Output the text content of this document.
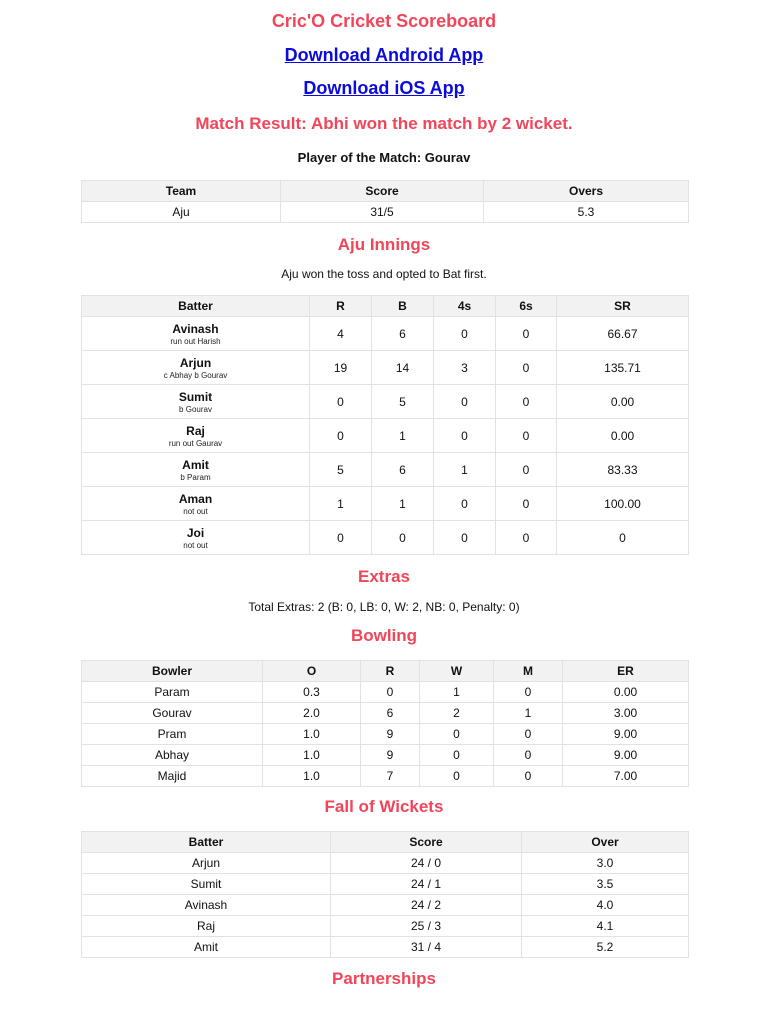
Cric'O Cricket Scoreboard
Download Android App
Download iOS App
Match Result: Abhi won the match by 2 wicket.
Player of the Match: Gourav
Team	Score	Overs
Aju	31/5	5.3
Aju Innings
Aju won the toss and opted to Bat first.
Batter	R	B	4s	6s	SR

Avinash
run out Harish	4	6	0	0	66.67

Arjun
c Abhay b Gourav	19	14	3	0	135.71

Sumit
b Gourav	0	5	0	0	0.00

Raj
run out Gaurav	0	1	0	0	0.00

Amit
b Param	5	6	1	0	83.33

Aman
not out	1	1	0	0	100.00

Joi
not out	0	0	0	0	0
Extras
Total Extras: 2 (B: 0, LB: 0, W: 2, NB: 0, Penalty: 0)
Bowling
Bowler	O	R	W	M	ER
Param	0.3	0	1	0	0.00
Gourav	2.0	6	2	1	3.00
Pram	1.0	9	0	0	9.00
Abhay	1.0	9	0	0	9.00
Majid	1.0	7	0	0	7.00
Fall of Wickets
Batter	Score	Over
Arjun	24 / 0	3.0
Sumit	24 / 1	3.5
Avinash	24 / 2	4.0
Raj	25 / 3	4.1
Amit	31 / 4	5.2
Partnerships
